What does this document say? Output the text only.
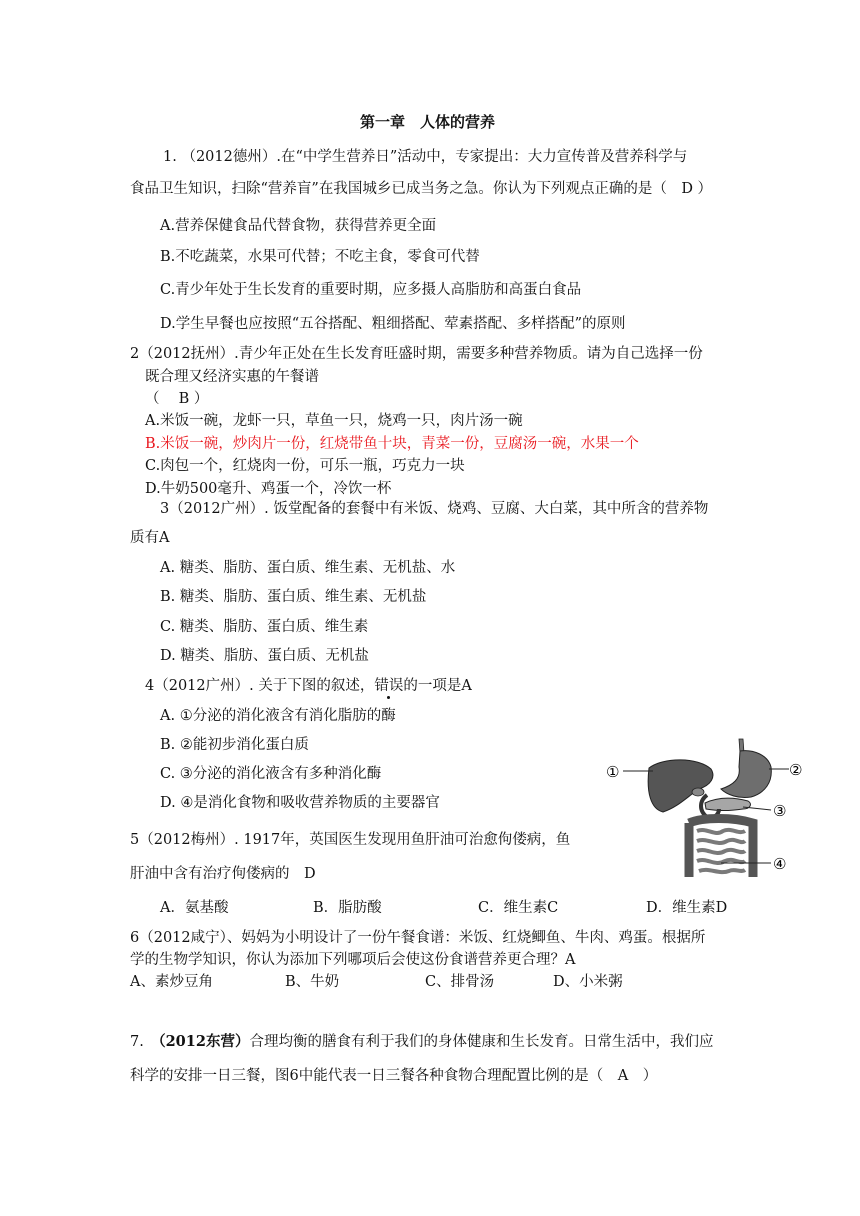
第一章　人体的营养
1. （2012德州）.在“中学生营养日”活动中，专家提出：大力宣传普及营养科学与
食品卫生知识，扫除“营养盲”在我国城乡已成当务之急。你认为下列观点正确的是（　D ）
A.营养保健食品代替食物，获得营养更全面
B.不吃蔬菜，水果可代替；不吃主食，零食可代替
C.青少年处于生长发育的重要时期，应多摄人高脂肪和高蛋白食品
D.学生早餐也应按照“五谷搭配、粗细搭配、荤素搭配、多样搭配”的原则
2（2012抚州）.青少年正处在生长发育旺盛时期，需要多种营养物质。请为自己选择一份
既合理又经济实惠的午餐谱
（　 B ）
A.米饭一碗，龙虾一只，草鱼一只，烧鸡一只，肉片汤一碗
B.米饭一碗，炒肉片一份，红烧带鱼十块，青菜一份，豆腐汤一碗，水果一个
C.肉包一个，红烧肉一份，可乐一瓶，巧克力一块
D.牛奶500毫升、鸡蛋一个，冷饮一杯
3（2012广州）. 饭堂配备的套餐中有米饭、烧鸡、豆腐、大白菜，其中所含的营养物
质有A
A. 糖类、脂肪、蛋白质、维生素、无机盐、水
B. 糖类、脂肪、蛋白质、维生素、无机盐
C. 糖类、脂肪、蛋白质、维生素
D. 糖类、脂肪、蛋白质、无机盐
4（2012广州）. 关于下图的叙述，错误的一项是A
A. ①分泌的消化液含有消化脂肪的酶
B. ②能初步消化蛋白质
C. ③分泌的消化液含有多种消化酶
D. ④是消化食物和吸收营养物质的主要器官
①	②
③
④
5（2012梅州）. 1917年，英国医生发现用鱼肝油可治愈佝偻病，鱼
肝油中含有治疗佝偻病的　D
A．氨基酸	B．脂肪酸	C．维生素C	D．维生素D
6（2012咸宁）、妈妈为小明设计了一份午餐食谱：米饭、红烧鲫鱼、牛肉、鸡蛋。根据所
学的生物学知识，你认为添加下列哪项后会使这份食谱营养更合理？A
A、素炒豆角	B、牛奶	C、排骨汤	D、小米粥
7.　 （2012东营）合理均衡的膳食有利于我们的身体健康和生长发育。日常生活中，我们应
科学的安排一日三餐，图6中能代表一日三餐各种食物合理配置比例的是（　A　）
